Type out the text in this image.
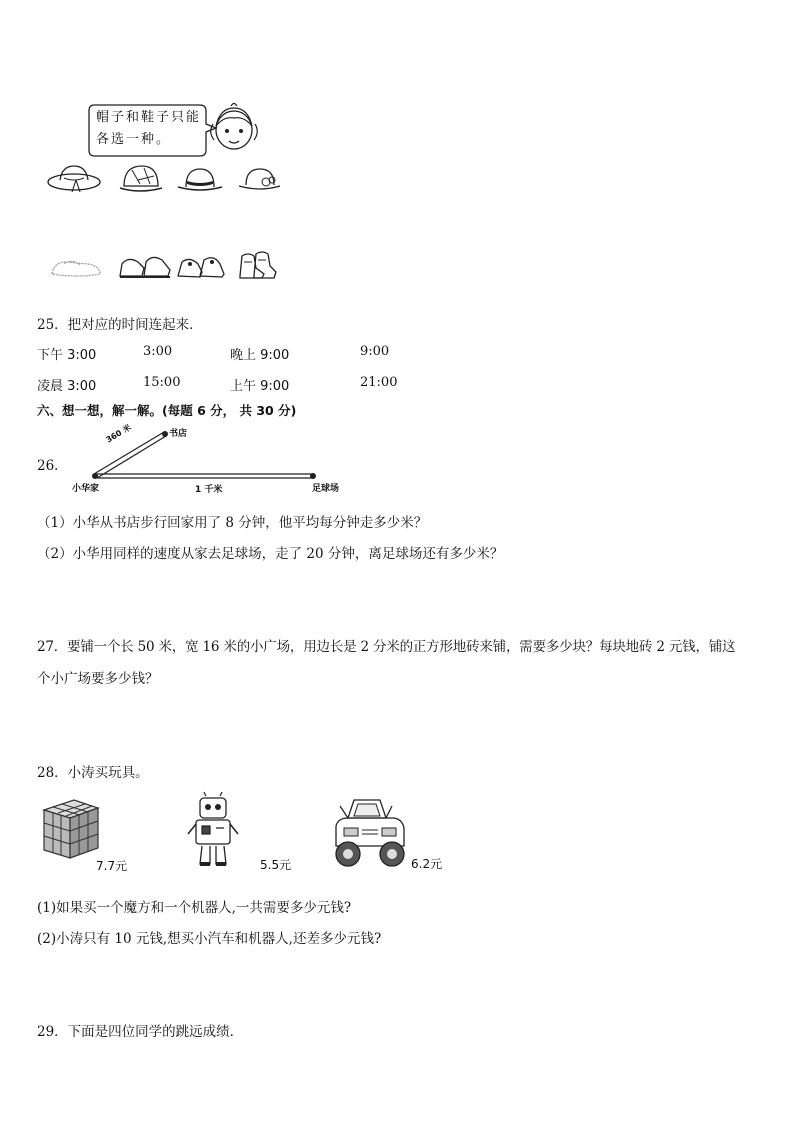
帽子和鞋子只能
各选一种。
25．把对应的时间连起来．
下午 3:00	3:00	晚上 9:00	9:00
凌晨 3:00	15:00	上午 9:00	21:00
六、想一想，解一解。(每题 6 分， 共 30 分)
26．
360 米	书店
小华家	1 千米	足球场
（1）小华从书店步行回家用了 8 分钟，他平均每分钟走多少米？
（2）小华用同样的速度从家去足球场，走了 20 分钟，离足球场还有多少米？
27．要铺一个长 50 米，宽 16 米的小广场，用边长是 2 分米的正方形地砖来铺，需要多少块？每块地砖 2 元钱，铺这
个小广场要多少钱？
28．小涛买玩具。
7.7元	5.5元	6.2元
(1)如果买一个魔方和一个机器人,一共需要多少元钱?
(2)小涛只有 10 元钱,想买小汽车和机器人,还差多少元钱?
29．下面是四位同学的跳远成绩．
